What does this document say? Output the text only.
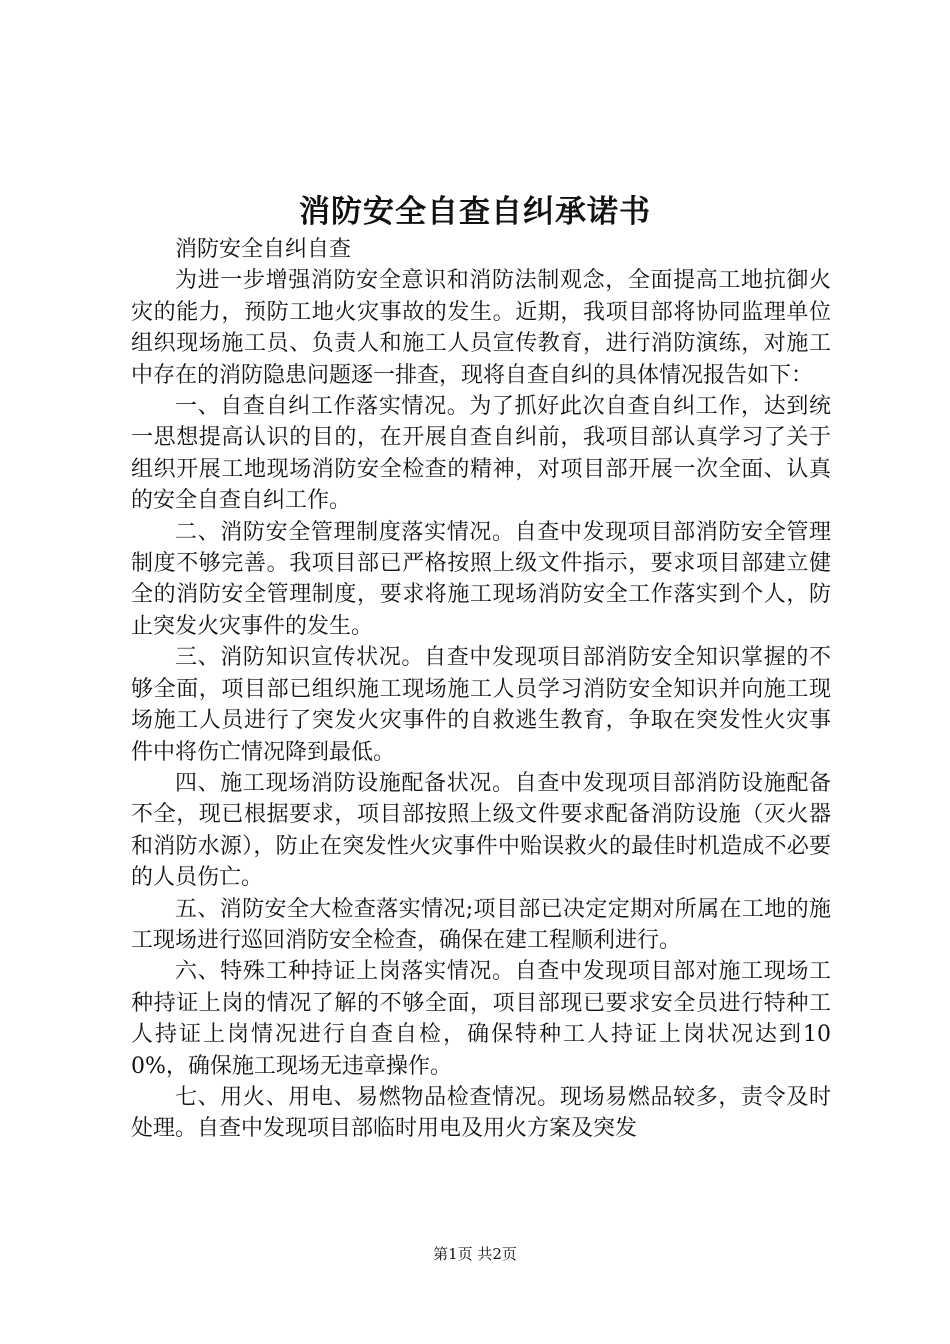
消防安全自查自纠承诺书

消防安全自纠自查

为进一步增强消防安全意识和消防法制观念，全面提高工地抗御火灾的能力，预防工地火灾事故的发生。近期，我项目部将协同监理单位组织现场施工员、负责人和施工人员宣传教育，进行消防演练，对施工中存在的消防隐患问题逐一排查，现将自查自纠的具体情况报告如下：

一、自查自纠工作落实情况。为了抓好此次自查自纠工作，达到统一思想提高认识的目的，在开展自查自纠前，我项目部认真学习了关于组织开展工地现场消防安全检查的精神，对项目部开展一次全面、认真的安全自查自纠工作。

二、消防安全管理制度落实情况。自查中发现项目部消防安全管理制度不够完善。我项目部已严格按照上级文件指示，要求项目部建立健全的消防安全管理制度，要求将施工现场消防安全工作落实到个人，防止突发火灾事件的发生。

三、消防知识宣传状况。自查中发现项目部消防安全知识掌握的不够全面，项目部已组织施工现场施工人员学习消防安全知识并向施工现场施工人员进行了突发火灾事件的自救逃生教育，争取在突发性火灾事件中将伤亡情况降到最低。

四、施工现场消防设施配备状况。自查中发现项目部消防设施配备不全，现已根据要求，项目部按照上级文件要求配备消防设施（灭火器和消防水源），防止在突发性火灾事件中贻误救火的最佳时机造成不必要的人员伤亡。

五、消防安全大检查落实情况;项目部已决定定期对所属在工地的施工现场进行巡回消防安全检查，确保在建工程顺利进行。

六、特殊工种持证上岗落实情况。自查中发现项目部对施工现场工种持证上岗的情况了解的不够全面，项目部现已要求安全员进行特种工人持证上岗情况进行自查自检，确保特种工人持证上岗状况达到100%，确保施工现场无违章操作。

七、用火、用电、易燃物品检查情况。现场易燃品较多，责令及时处理。自查中发现项目部临时用电及用火方案及突发

第1页 共2页
